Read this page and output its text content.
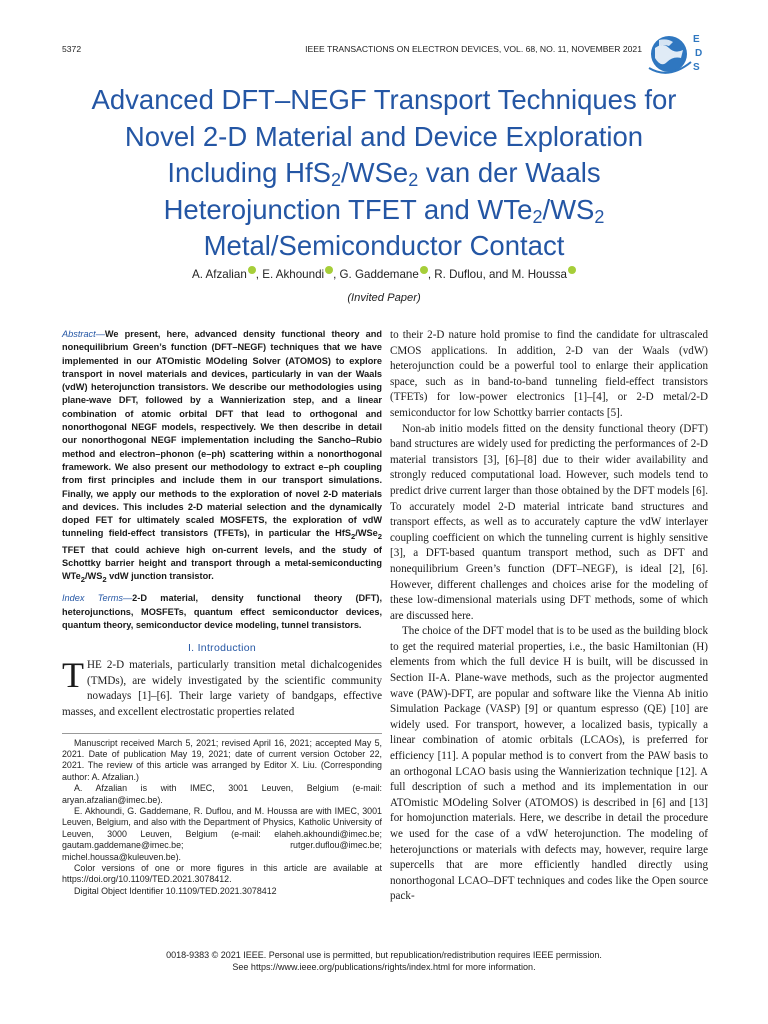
5372	IEEE TRANSACTIONS ON ELECTRON DEVICES, VOL. 68, NO. 11, NOVEMBER 2021
E
D
S
Advanced DFT–NEGF Transport Techniques for
Novel 2-D Material and Device Exploration
Including HfS$_2$/WSe$_2$ van der Waals
Heterojunction TFET and $WTe_2/WS_2$
Metal/Semiconductor Contact
A. Afzalian , E. Akhoundi , G. Gaddemane , R. Duflou, and M. Houssa
(Invited Paper)

Abstract—We present, here, advanced density functional theory and nonequilibrium Green’s function (DFT–NEGF) techniques that we have implemented in our ATOmistic MOdeling Solver (ATOMOS) to explore transport in novel materials and devices, particularly in van der Waals (vdW) heterojunction transistors. We describe our methodologies using plane-wave DFT, followed by a Wannierization step, and a linear combination of atomic orbital DFT that lead to orthogonal and nonorthogonal NEGF models, respectively. We then describe in detail our nonorthogonal NEGF implementation including the Sancho–Rubio method and electron–phonon (e–ph) scattering within a nonorthogonal framework. We also present our methodology to extract e–ph coupling from first principles and include them in our transport simulations. Finally, we apply our methods to the exploration of novel 2-D materials and devices. This includes 2-D material selection and the dynamically doped FET for ultimately scaled MOSFETS, the exploration of vdW tunneling field-effect transistors (TFETs), in particular the HfS$_2$/WSe$_2$ TFET that could achieve high on-current levels, and the study of Schottky barrier height and transport through a metal-semiconducting $WTe_2/WS_2$ vdW junction transistor.

Index Terms—2-D material, density functional theory (DFT), heterojunctions, MOSFETs, quantum effect semiconductor devices, quantum theory, semiconductor device modeling, tunnel transistors.

I. Introduction

THE 2-D materials, particularly transition metal dichalcogenides (TMDs), are widely investigated by the scientific community nowadays [1]–[6]. Their large variety of bandgaps, effective masses, and excellent electrostatic properties related

Manuscript received March 5, 2021; revised April 16, 2021; accepted May 5, 2021. Date of publication May 19, 2021; date of current version October 22, 2021. The review of this article was arranged by Editor X. Liu. (Corresponding author: A. Afzalian.)

A. Afzalian is with IMEC, 3001 Leuven, Belgium (e-mail: aryan.afzalian@imec.be).

E. Akhoundi, G. Gaddemane, R. Duflou, and M. Houssa are with IMEC, 3001 Leuven, Belgium, and also with the Department of Physics, Katholic University of Leuven, 3000 Leuven, Belgium (e-mail: elaheh.akhoundi@imec.be; gautam.gaddemane@imec.be; rutger.duflou@imec.be; michel.houssa@kuleuven.be).

Color versions of one or more figures in this article are available at https://doi.org/10.1109/TED.2021.3078412.

Digital Object Identifier 10.1109/TED.2021.3078412

to their 2-D nature hold promise to find the candidate for ultrascaled CMOS applications. In addition, 2-D van der Waals (vdW) heterojunction could be a powerful tool to enlarge their application space, such as in band-to-band tunneling field-effect transistors (TFETs) for low-power electronics [1]–[4], or 2-D metal/2-D semiconductor for low Schottky barrier contacts [5].

Non-ab initio models fitted on the density functional theory (DFT) band structures are widely used for predicting the performances of 2-D material transistors [3], [6]–[8] due to their wider availability and strongly reduced computational load. However, such models tend to predict drive current larger than those obtained by the DFT models [6]. To accurately model 2-D material intricate band structures and transport effects, as well as to accurately capture the vdW interlayer coupling coefficient on which the tunneling current is highly sensitive [3], a DFT-based quantum transport method, such as DFT and nonequilibrium Green’s function (DFT–NEGF), is ideal [2], [6]. However, different challenges and choices arise for the modeling of these low-dimensional materials using DFT methods, some of which are discussed here.

The choice of the DFT model that is to be used as the building block to get the required material properties, i.e., the basic Hamiltonian (H) elements from which the full device H is built, will be discussed in Section II-A. Plane-wave methods, such as the projector augmented wave (PAW)-DFT, are popular and software like the Vienna Ab initio Simulation Package (VASP) [9] or quantum espresso (QE) [10] are widely used. For transport, however, a localized basis, typically a linear combination of atomic orbitals (LCAOs), is preferred for efficiency [11]. A popular method is to convert from the PAW basis to an orthogonal LCAO basis using the Wannierization technique [12]. A full description of such a method and its implementation in our ATOmistic MOdeling Solver (ATOMOS) is described in [6] and [13] for homojunction materials. Here, we describe in detail the procedure we used for the case of a vdW heterojunction. The modeling of heterojunctions or materials with defects may, however, require large supercells that are more efficiently handled directly using nonorthogonal LCAO–DFT techniques and codes like the Open source pack-

0018-9383 © 2021 IEEE. Personal use is permitted, but republication/redistribution requires IEEE permission.
See https://www.ieee.org/publications/rights/index.html for more information.
